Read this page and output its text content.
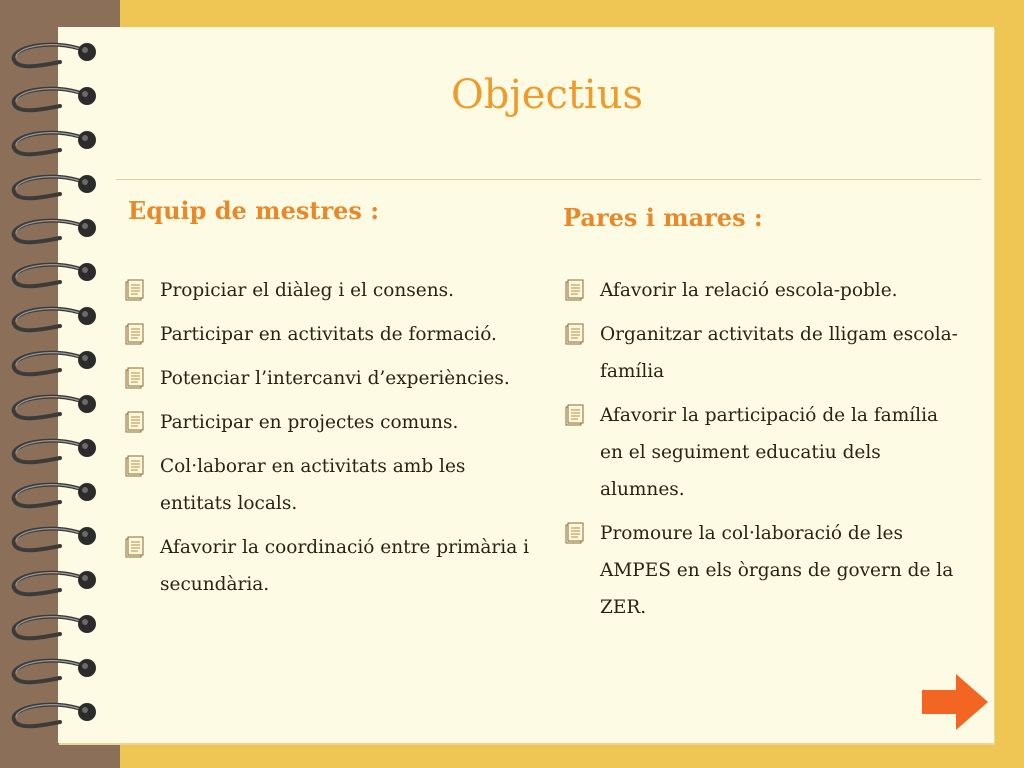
Objectius
Equip de mestres :	Pares i mares :
Propiciar el diàleg i el consens.
Participar en activitats de formació.
Potenciar l’intercanvi d’experiències.
Participar en projectes comuns.
Col·laborar en activitats amb les entitats locals.
Afavorir la coordinació entre primària i secundària.
Afavorir la relació escola-poble.
Organitzar activitats de lligam escola-família
Afavorir la participació de la família en el seguiment educatiu dels alumnes.
Promoure la col·laboració de les AMPES en els òrgans de govern de la ZER.
